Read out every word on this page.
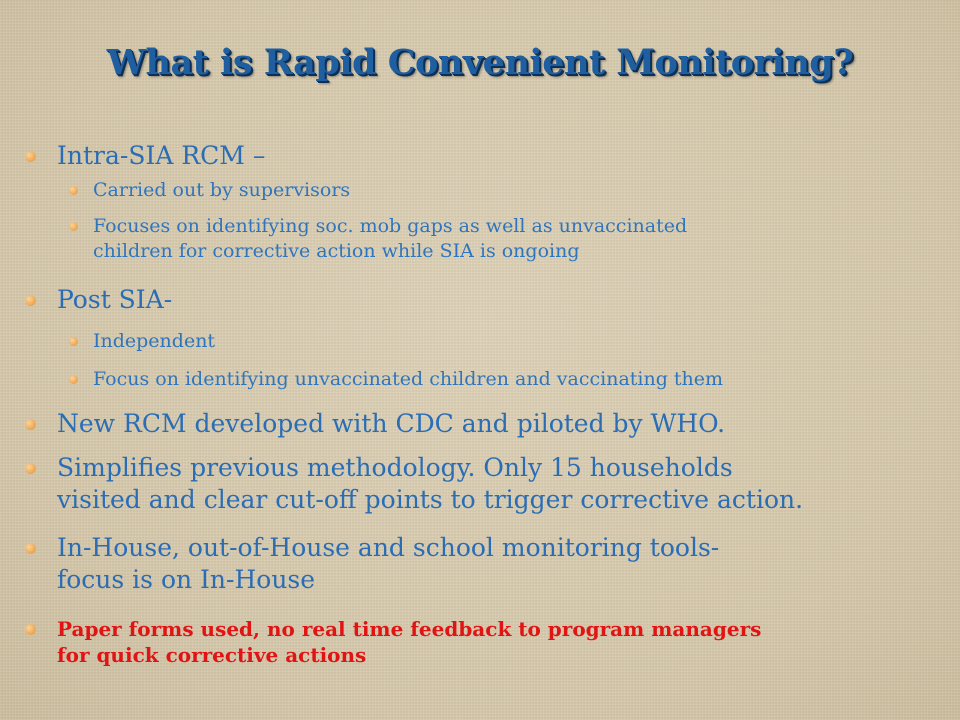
What is Rapid Convenient Monitoring?
Intra-SIA RCM –
Carried out by supervisors
Focuses on identifying soc. mob gaps as well as unvaccinated
children for corrective action while SIA is ongoing
Post SIA-
Independent
Focus on identifying unvaccinated children and vaccinating them
New RCM developed with CDC and piloted by WHO.
Simplifies previous methodology. Only 15 households
visited and clear cut-off points to trigger corrective action.
In-House, out-of-House and school monitoring tools-
focus is on In-House
Paper forms used, no real time feedback to program managers
for quick corrective actions
